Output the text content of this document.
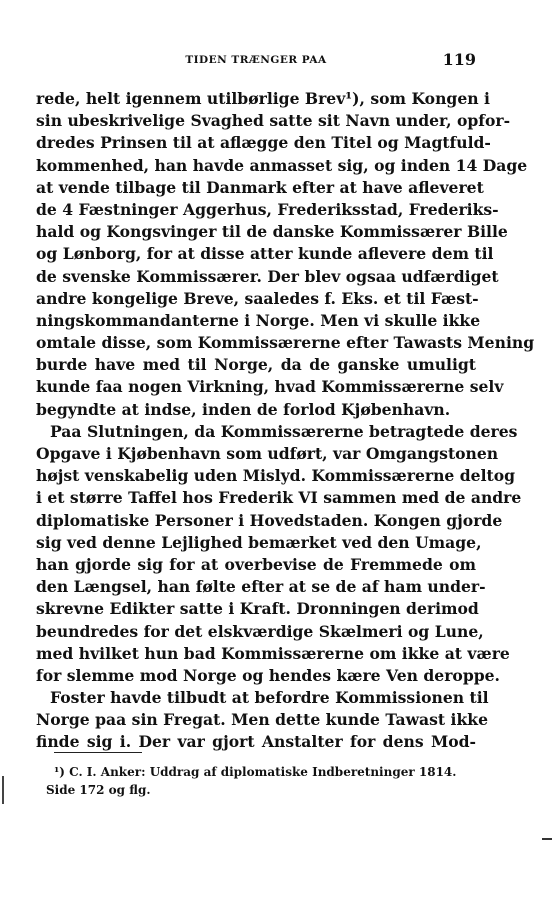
TIDEN TRÆNGER PAA	119
rede, helt igennem utilbørlige Brev¹), som Kongen i
sin ubeskrivelige Svaghed satte sit Navn under, opfor-
dredes Prinsen til at aflægge den Titel og Magtfuld-
kommenhed, han havde anmasset sig, og inden 14 Dage
at vende tilbage til Danmark efter at have afleveret
de 4 Fæstninger Aggerhus, Frederiksstad, Frederiks-
hald og Kongsvinger til de danske Kommissærer Bille
og Lønborg, for at disse atter kunde aflevere dem til
de svenske Kommissærer. Der blev ogsaa udfærdiget
andre kongelige Breve, saaledes f. Eks. et til Fæst-
ningskommandanterne i Norge. Men vi skulle ikke
omtale disse, som Kommissærerne efter Tawasts Mening
burde have med til Norge, da de ganske umuligt
kunde faa nogen Virkning, hvad Kommissærerne selv
begyndte at indse, inden de forlod Kjøbenhavn.
Paa Slutningen, da Kommissærerne betragtede deres
Opgave i Kjøbenhavn som udført, var Omgangstonen
højst venskabelig uden Mislyd. Kommissærerne deltog
i et større Taffel hos Frederik VI sammen med de andre
diplomatiske Personer i Hovedstaden. Kongen gjorde
sig ved denne Lejlighed bemærket ved den Umage,
han gjorde sig for at overbevise de Fremmede om
den Længsel, han følte efter at se de af ham under-
skrevne Edikter satte i Kraft. Dronningen derimod
beundredes for det elskværdige Skælmeri og Lune,
med hvilket hun bad Kommissærerne om ikke at være
for slemme mod Norge og hendes kære Ven deroppe.
Foster havde tilbudt at befordre Kommissionen til
Norge paa sin Fregat. Men dette kunde Tawast ikke
finde sig i. Der var gjort Anstalter for dens Mod-
¹) C. I. Anker: Uddrag af diplomatiske Indberetninger 1814.
Side 172 og flg.
